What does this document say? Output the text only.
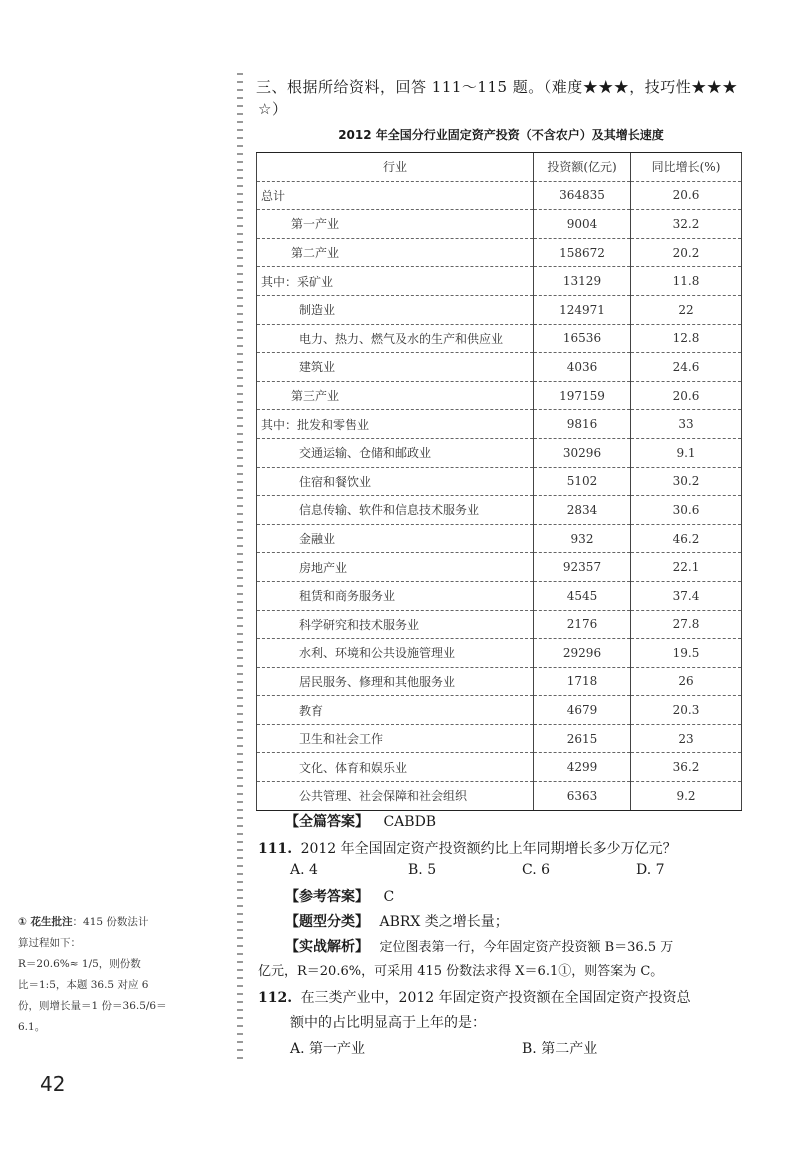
三、根据所给资料，回答 111～115 题。（难度★★★，技巧性★★★
☆）
2012 年全国分行业固定资产投资（不含农户）及其增长速度
行业	投资额(亿元)	同比增长(%)
总计	364835	20.6
第一产业	9004	32.2
第二产业	158672	20.2
其中：采矿业	13129	11.8
制造业	124971	22
电力、热力、燃气及水的生产和供应业	16536	12.8
建筑业	4036	24.6
第三产业	197159	20.6
其中：批发和零售业	9816	33
交通运输、仓储和邮政业	30296	9.1
住宿和餐饮业	5102	30.2
信息传输、软件和信息技术服务业	2834	30.6
金融业	932	46.2
房地产业	92357	22.1
租赁和商务服务业	4545	37.4
科学研究和技术服务业	2176	27.8
水利、环境和公共设施管理业	29296	19.5
居民服务、修理和其他服务业	1718	26
教育	4679	20.3
卫生和社会工作	2615	23
文化、体育和娱乐业	4299	36.2
公共管理、社会保障和社会组织	6363	9.2
【全篇答案】 CABDB
111. 2012 年全国固定资产投资额约比上年同期增长多少万亿元？
A. 4	B. 5	C. 6	D. 7
【参考答案】 C
【题型分类】 ABRX 类之增长量；
【实战解析】 定位图表第一行，今年固定资产投资额 B＝36.5 万
亿元，R＝20.6%，可采用 415 份数法求得 X＝6.1①，则答案为 C。
112. 在三类产业中，2012 年固定资产投资额在全国固定资产投资总
额中的占比明显高于上年的是：
A. 第一产业	B. 第二产业
① 花生批注：415 份数法计
算过程如下：
R＝20.6%≈ 1/5，则份数
比＝1:5，本题 36.5 对应 6
份，则增长量＝1 份＝36.5/6＝
6.1。
42
